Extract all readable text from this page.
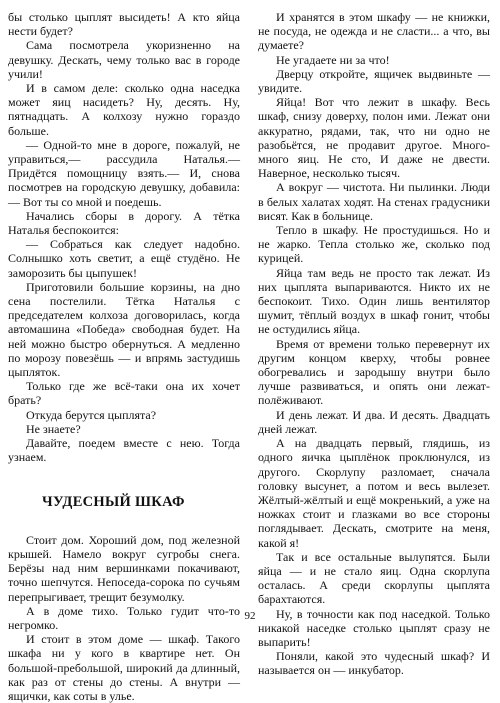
бы столько цыплят высидеть! А кто яйца нести будет?

Сама посмотрела укоризненно на девушку. Дескать, чему только вас в городе учили!

И в самом деле: сколько одна наседка может яиц насидеть? Ну, десять. Ну, пятнадцать. А колхозу нужно гораздо больше.

— Одной-то мне в дороге, пожалуй, не управиться,— рассудила Наталья.— Придётся помощницу взять.— И, снова посмотрев на городскую девушку, добавила: — Вот ты со мной и поедешь.

Начались сборы в дорогу. А тётка Наталья беспокоится:

— Собраться как следует надобно. Солнышко хоть светит, а ещё студёно. Не заморозить бы цыпушек!

Приготовили большие корзины, на дно сена постелили. Тётка Наталья с председателем колхоза договорилась, когда автомашина «Победа» свободная будет. На ней можно быстро обернуться. А медленно по морозу повезёшь — и впрямь застудишь цыпляток.

Только где же всё-таки она их хочет брать?

Откуда берутся цыплята?

Не знаете?

Давайте, поедем вместе с нею. Тогда узнаем.

ЧУДЕСНЫЙ ШКАФ

Стоит дом. Хороший дом, под железной крышей. Намело вокруг сугробы снега. Берёзы над ним вершинками покачивают, точно шепчутся. Непоседа-сорока по сучьям перепрыгивает, трещит безумолку.

А в доме тихо. Только гудит что-то негромко.

И стоит в этом доме — шкаф. Такого шкафа ни у кого в квартире нет. Он большой-пребольшой, широкий да длинный, как раз от стены до стены. А внутри — ящички, как соты в улье.

И хранятся в этом шкафу — не книжки, не посуда, не одежда и не сласти... а что, вы думаете?

Не угадаете ни за что!

Дверцу откройте, ящичек выдвиньте — увидите.

Яйца! Вот что лежит в шкафу. Весь шкаф, снизу доверху, полон ими. Лежат они аккуратно, рядами, так, что ни одно не разобьётся, не продавит другое. Много-много яиц. Не сто, И даже не двести. Наверное, несколько тысяч.

А вокруг — чистота. Ни пылинки. Люди в белых халатах ходят. На стенах градусники висят. Как в больнице.

Тепло в шкафу. Не простудишься. Но и не жарко. Тепла столько же, сколько под курицей.

Яйца там ведь не просто так лежат. Из них цыплята выпариваются. Никто их не беспокоит. Тихо. Один лишь вентилятор шумит, тёплый воздух в шкаф гонит, чтобы не остудились яйца.

Время от времени только перевернут их другим концом кверху, чтобы ровнее обогревались и зародышу внутри было лучше развиваться, и опять они лежат-полёживают.

И день лежат. И два. И десять. Двадцать дней лежат.

А на двадцать первый, глядишь, из одного яичка цыплёнок проклюнулся, из другого. Скорлупу разломает, сначала головку высунет, а потом и весь вылезет. Жёлтый-жёлтый и ещё мокренький, а уже на ножках стоит и глазками во все стороны поглядывает. Дескать, смотрите на меня, какой я!

Так и все остальные вылупятся. Были яйца — и не стало яиц. Одна скорлупа осталась. А среди скорлупы цыплята барахтаются.

Ну, в точности как под наседкой. Только никакой наседке столько цыплят сразу не выпарить!

Поняли, какой это чудесный шкаф? И называется он — инкубатор.

92
